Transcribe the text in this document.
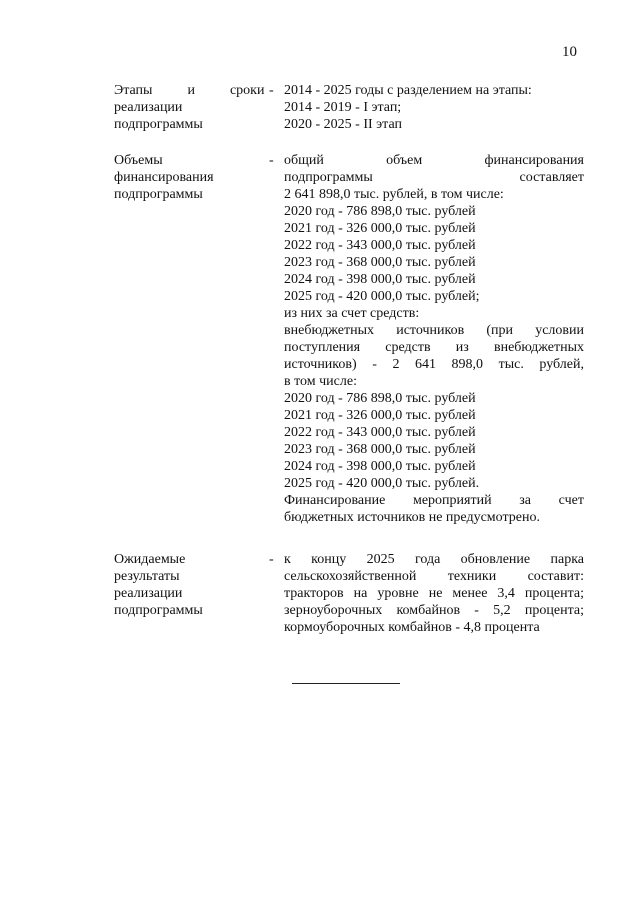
10
Этапы          и          сроки
реализации
подпрограммы
- 2014 - 2025 годы с разделением на этапы:
2014 - 2019 - I этап;
2020 - 2025 - II этап
Объемы
финансирования
подпрограммы
- общий объем финансирования
подпрограммы составляет
2 641 898,0 тыс. рублей, в том числе:
2020 год - 786 898,0 тыс. рублей
2021 год - 326 000,0 тыс. рублей
2022 год - 343 000,0 тыс. рублей
2023 год - 368 000,0 тыс. рублей
2024 год - 398 000,0 тыс. рублей
2025 год - 420 000,0 тыс. рублей;
из них за счет средств:
внебюджетных источников (при условии
поступления средств из внебюджетных
источников) - 2 641 898,0 тыс. рублей,
в том числе:
2020 год - 786 898,0 тыс. рублей
2021 год - 326 000,0 тыс. рублей
2022 год - 343 000,0 тыс. рублей
2023 год - 368 000,0 тыс. рублей
2024 год - 398 000,0 тыс. рублей
2025 год - 420 000,0 тыс. рублей.
Финансирование мероприятий за счет
бюджетных источников не предусмотрено.
Ожидаемые
результаты
реализации
подпрограммы
- к концу 2025 года обновление парка
сельскохозяйственной техники составит:
тракторов на уровне не менее 3,4 процента;
зерноуборочных комбайнов - 5,2 процента;
кормоуборочных комбайнов - 4,8 процента
